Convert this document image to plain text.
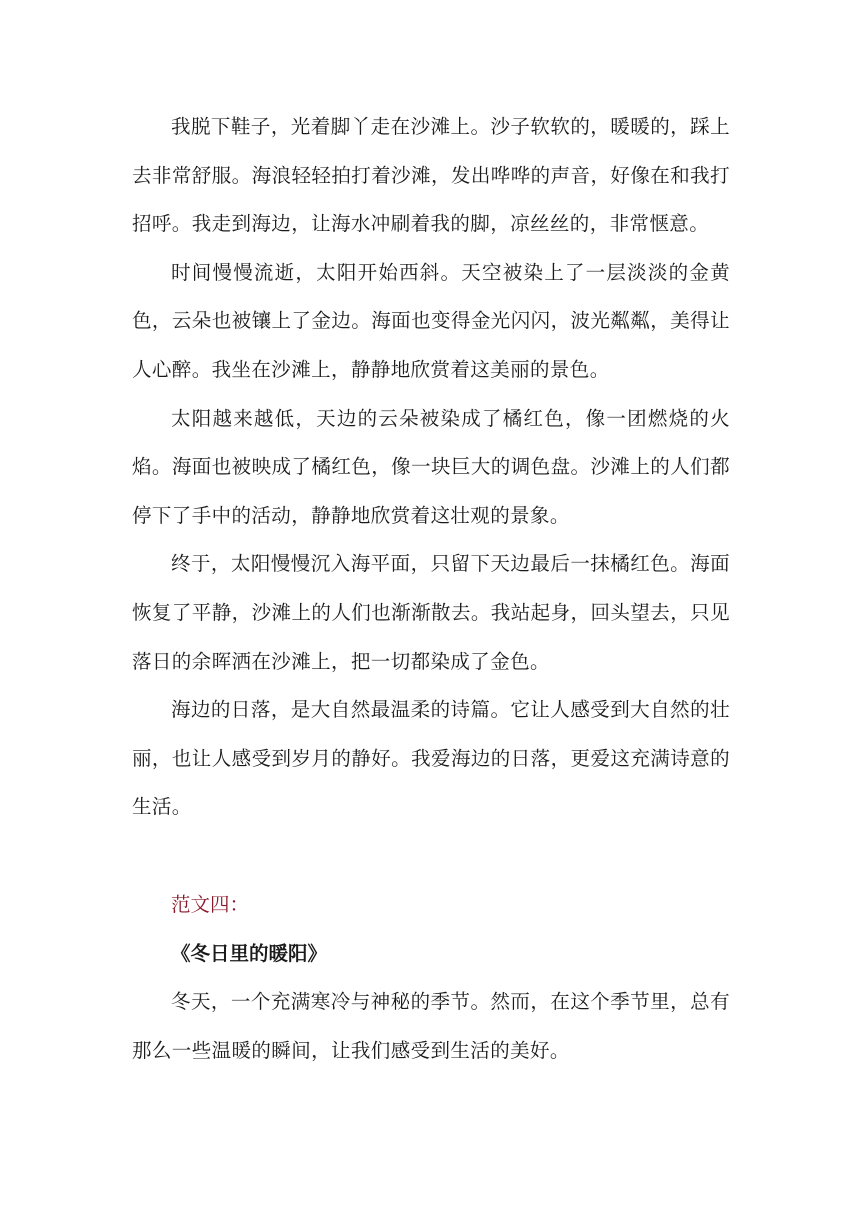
我脱下鞋子，光着脚丫走在沙滩上。沙子软软的，暖暖的，踩上去非常舒服。海浪轻轻拍打着沙滩，发出哗哗的声音，好像在和我打招呼。我走到海边，让海水冲刷着我的脚，凉丝丝的，非常惬意。

时间慢慢流逝，太阳开始西斜。天空被染上了一层淡淡的金黄色，云朵也被镶上了金边。海面也变得金光闪闪，波光粼粼，美得让人心醉。我坐在沙滩上，静静地欣赏着这美丽的景色。

太阳越来越低，天边的云朵被染成了橘红色，像一团燃烧的火焰。海面也被映成了橘红色，像一块巨大的调色盘。沙滩上的人们都停下了手中的活动，静静地欣赏着这壮观的景象。

终于，太阳慢慢沉入海平面，只留下天边最后一抹橘红色。海面恢复了平静，沙滩上的人们也渐渐散去。我站起身，回头望去，只见落日的余晖洒在沙滩上，把一切都染成了金色。

海边的日落，是大自然最温柔的诗篇。它让人感受到大自然的壮丽，也让人感受到岁月的静好。我爱海边的日落，更爱这充满诗意的生活。

范文四：

《冬日里的暖阳》

冬天，一个充满寒冷与神秘的季节。然而，在这个季节里，总有那么一些温暖的瞬间，让我们感受到生活的美好。
